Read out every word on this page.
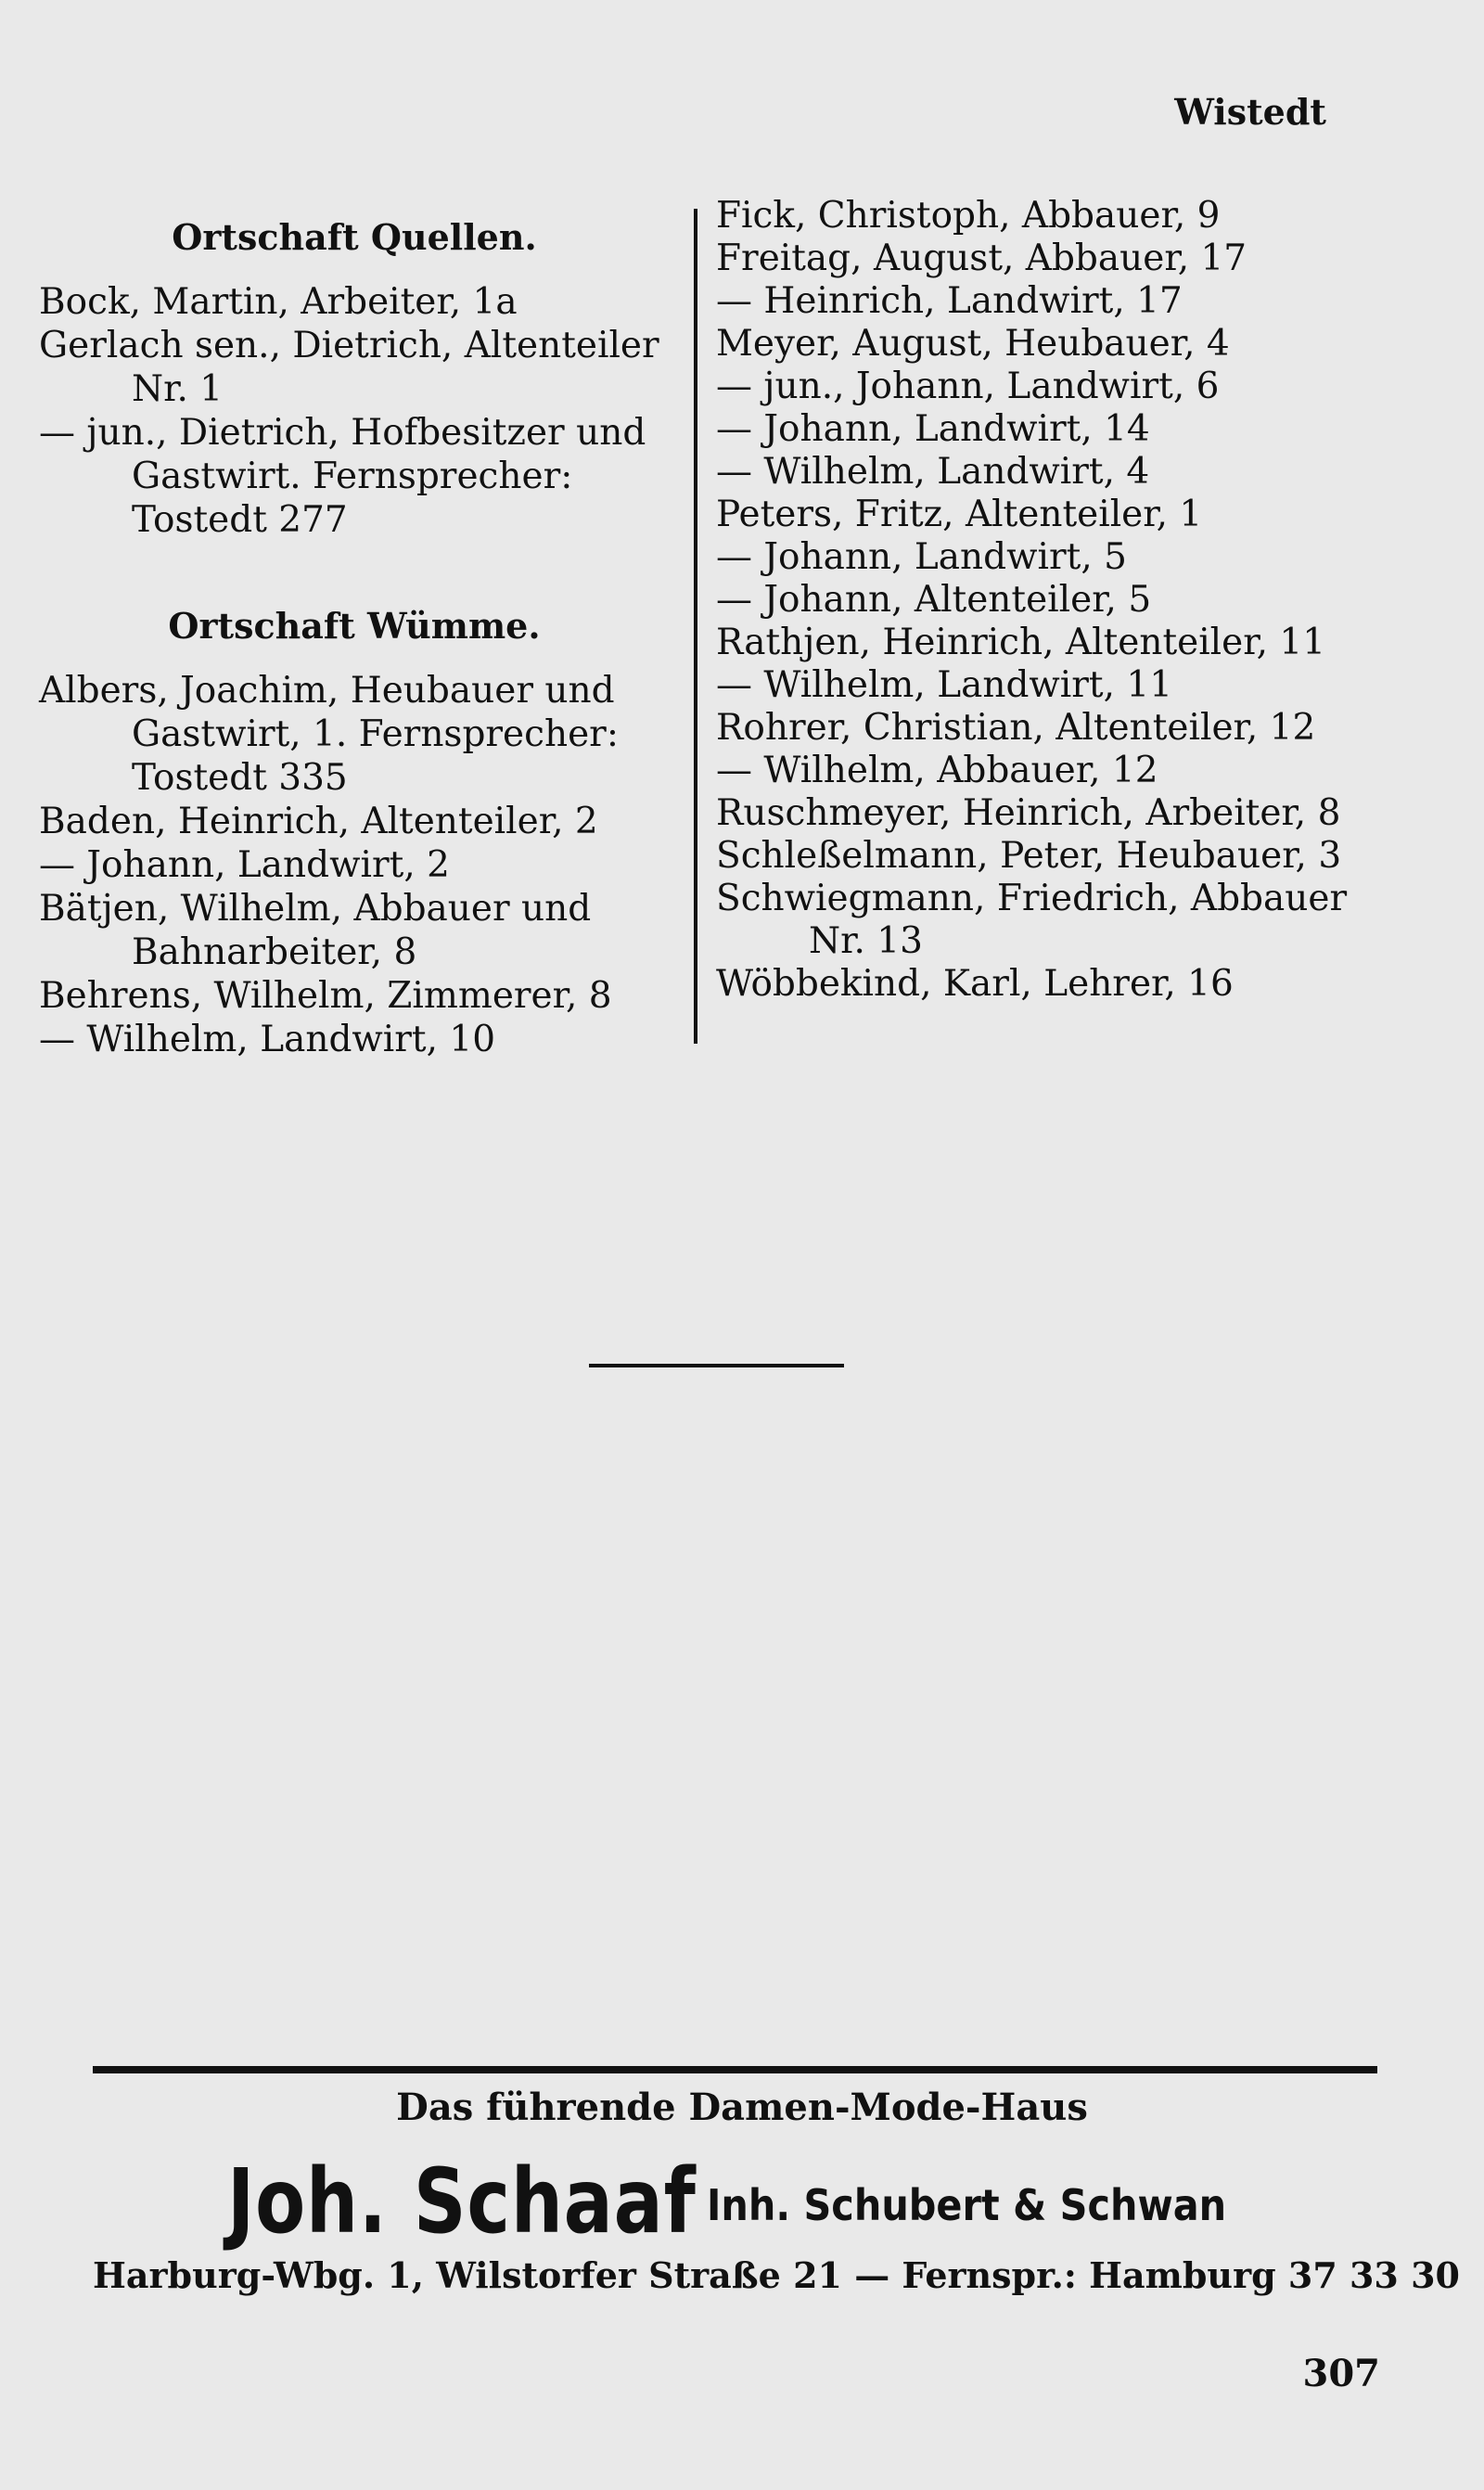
Wistedt
Ortschaft Quellen.
Bock, Martin, Arbeiter, 1a
Gerlach sen., Dietrich, Altenteiler Nr. 1
— jun., Dietrich, Hofbesitzer und Gastwirt. Fernsprecher: Tostedt 277
Ortschaft Wümme.
Albers, Joachim, Heubauer und Gastwirt, 1. Fernsprecher: Tostedt 335
Baden, Heinrich, Altenteiler, 2
— Johann, Landwirt, 2
Bätjen, Wilhelm, Abbauer und Bahnarbeiter, 8
Behrens, Wilhelm, Zimmerer, 8
— Wilhelm, Landwirt, 10
Fick, Christoph, Abbauer, 9
Freitag, August, Abbauer, 17
— Heinrich, Landwirt, 17
Meyer, August, Heubauer, 4
— jun., Johann, Landwirt, 6
— Johann, Landwirt, 14
— Wilhelm, Landwirt, 4
Peters, Fritz, Altenteiler, 1
— Johann, Landwirt, 5
— Johann, Altenteiler, 5
Rathjen, Heinrich, Altenteiler, 11
— Wilhelm, Landwirt, 11
Rohrer, Christian, Altenteiler, 12
— Wilhelm, Abbauer, 12
Ruschmeyer, Heinrich, Arbeiter, 8
Schleßelmann, Peter, Heubauer, 3
Schwiegmann, Friedrich, Abbauer Nr. 13
Wöbbekind, Karl, Lehrer, 16
Das führende Damen-Mode-Haus
Joh. Schaaf Inh. Schubert & Schwan
Harburg-Wbg. 1, Wilstorfer Straße 21 — Fernspr.: Hamburg 37 33 30
307
